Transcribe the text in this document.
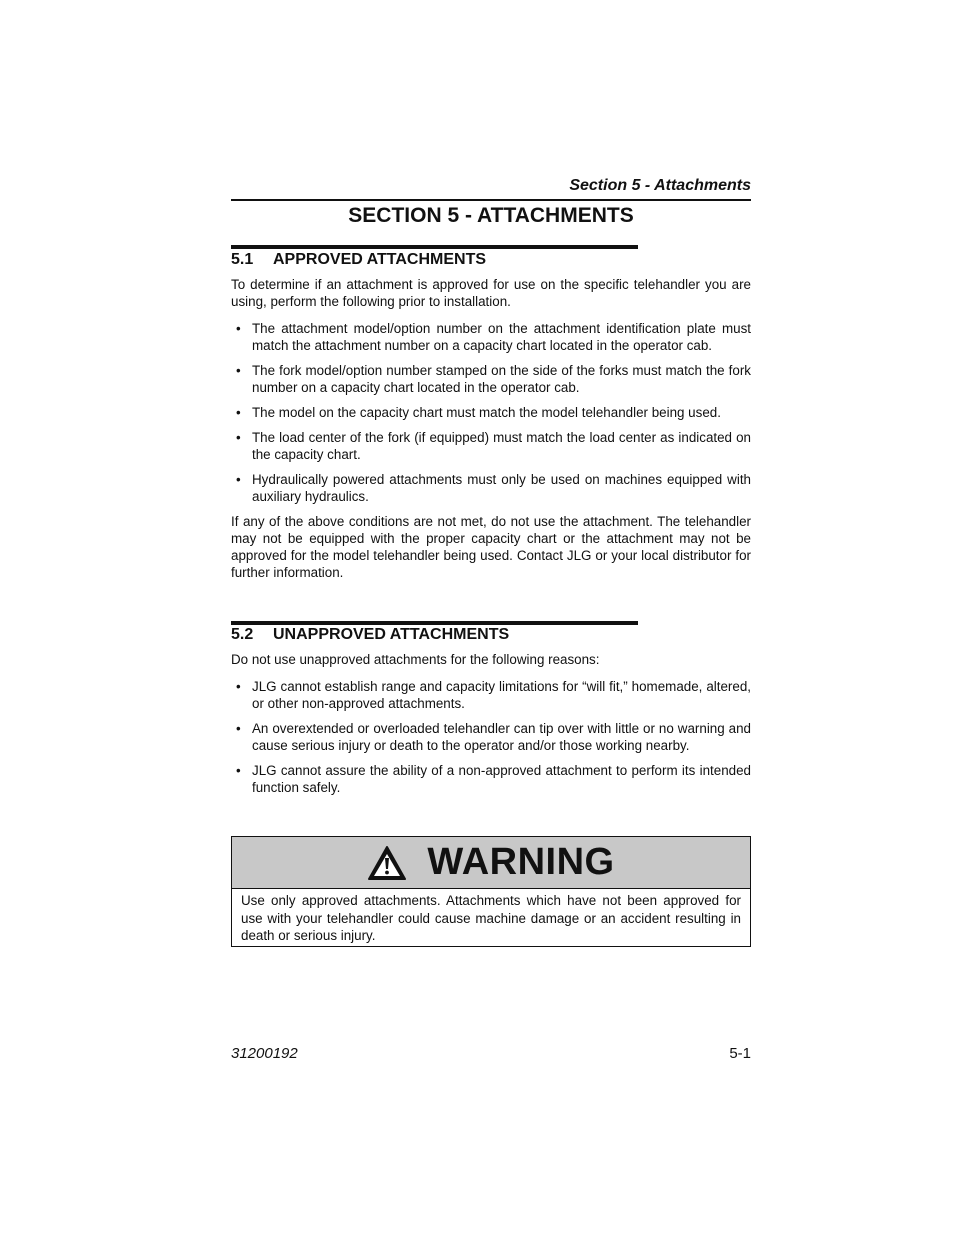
Section 5 - Attachments
SECTION 5 - ATTACHMENTS
5.1 APPROVED ATTACHMENTS

To determine if an attachment is approved for use on the specific telehandler you are using, perform the following prior to installation.

• The attachment model/option number on the attachment identification plate must match the attachment number on a capacity chart located in the operator cab.
• The fork model/option number stamped on the side of the forks must match the fork number on a capacity chart located in the operator cab.
• The model on the capacity chart must match the model telehandler being used.
• The load center of the fork (if equipped) must match the load center as indicated on the capacity chart.
• Hydraulically powered attachments must only be used on machines equipped with auxiliary hydraulics.

If any of the above conditions are not met, do not use the attachment. The telehandler may not be equipped with the proper capacity chart or the attachment may not be approved for the model telehandler being used. Contact JLG or your local distributor for further information.

5.2 UNAPPROVED ATTACHMENTS

Do not use unapproved attachments for the following reasons:

• JLG cannot establish range and capacity limitations for “will fit,” homemade, altered, or other non-approved attachments.
• An overextended or overloaded telehandler can tip over with little or no warning and cause serious injury or death to the operator and/or those working nearby.
• JLG cannot assure the ability of a non-approved attachment to perform its intended function safely.
WARNING
Use only approved attachments. Attachments which have not been approved for use with your telehandler could cause machine damage or an accident resulting in death or serious injury.
31200192	5-1
